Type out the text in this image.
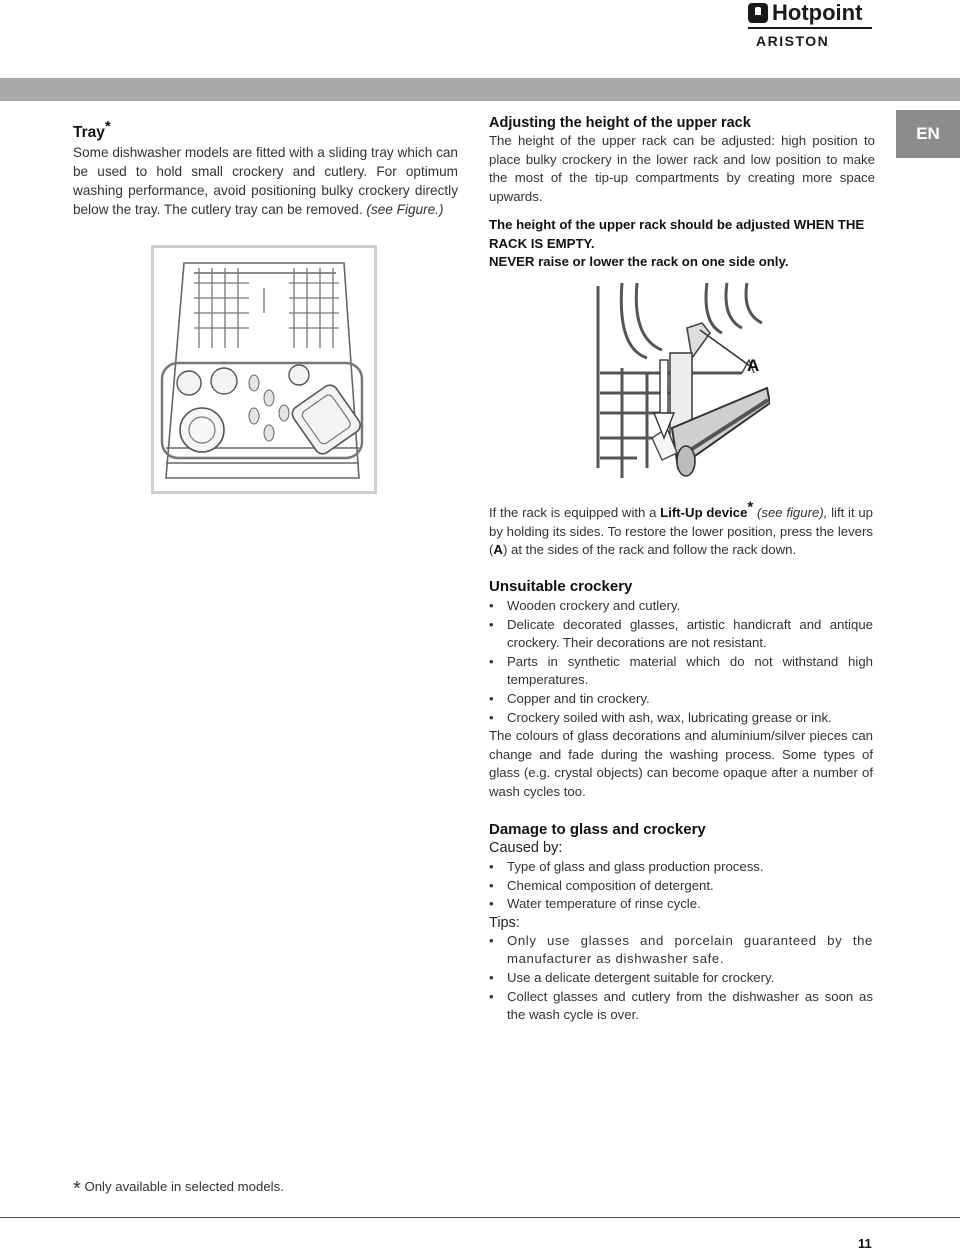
Hotpoint
ARISTON
EN
Tray*
Some dishwasher models are fitted with a sliding tray which can be used to hold small crockery and cutlery. For optimum washing performance, avoid positioning bulky crockery directly below the tray. The cutlery tray can be removed. (see Figure.)
Adjusting the height of the upper rack
The height of the upper rack can be adjusted: high position to place bulky crockery in the lower rack and low position to make the most of the tip-up compartments by creating more space upwards.
The height of the upper rack should be adjusted WHEN THE RACK IS EMPTY.
NEVER raise or lower the rack on one side only.
A
If the rack is equipped with a Lift-Up device* (see figure), lift it up by holding its sides. To restore the lower position, press the levers (A) at the sides of the rack and follow the rack down.
Unsuitable crockery
• Wooden crockery and cutlery.
• Delicate decorated glasses, artistic handicraft and antique crockery. Their decorations are not resistant.
• Parts in synthetic material which do not withstand high temperatures.
• Copper and tin crockery.
• Crockery soiled with ash, wax, lubricating grease or ink.
The colours of glass decorations and aluminium/silver pieces can change and fade during the washing process. Some types of glass (e.g. crystal objects) can become opaque after a number of wash cycles too.
Damage to glass and crockery
Caused by:
• Type of glass and glass production process.
• Chemical composition of detergent.
• Water temperature of rinse cycle.
Tips:
• Only use glasses and porcelain guaranteed by the manufacturer as dishwasher safe.
• Use a delicate detergent suitable for crockery.
• Collect glasses and cutlery from the dishwasher as soon as the wash cycle is over.
* Only available in selected models.
11
